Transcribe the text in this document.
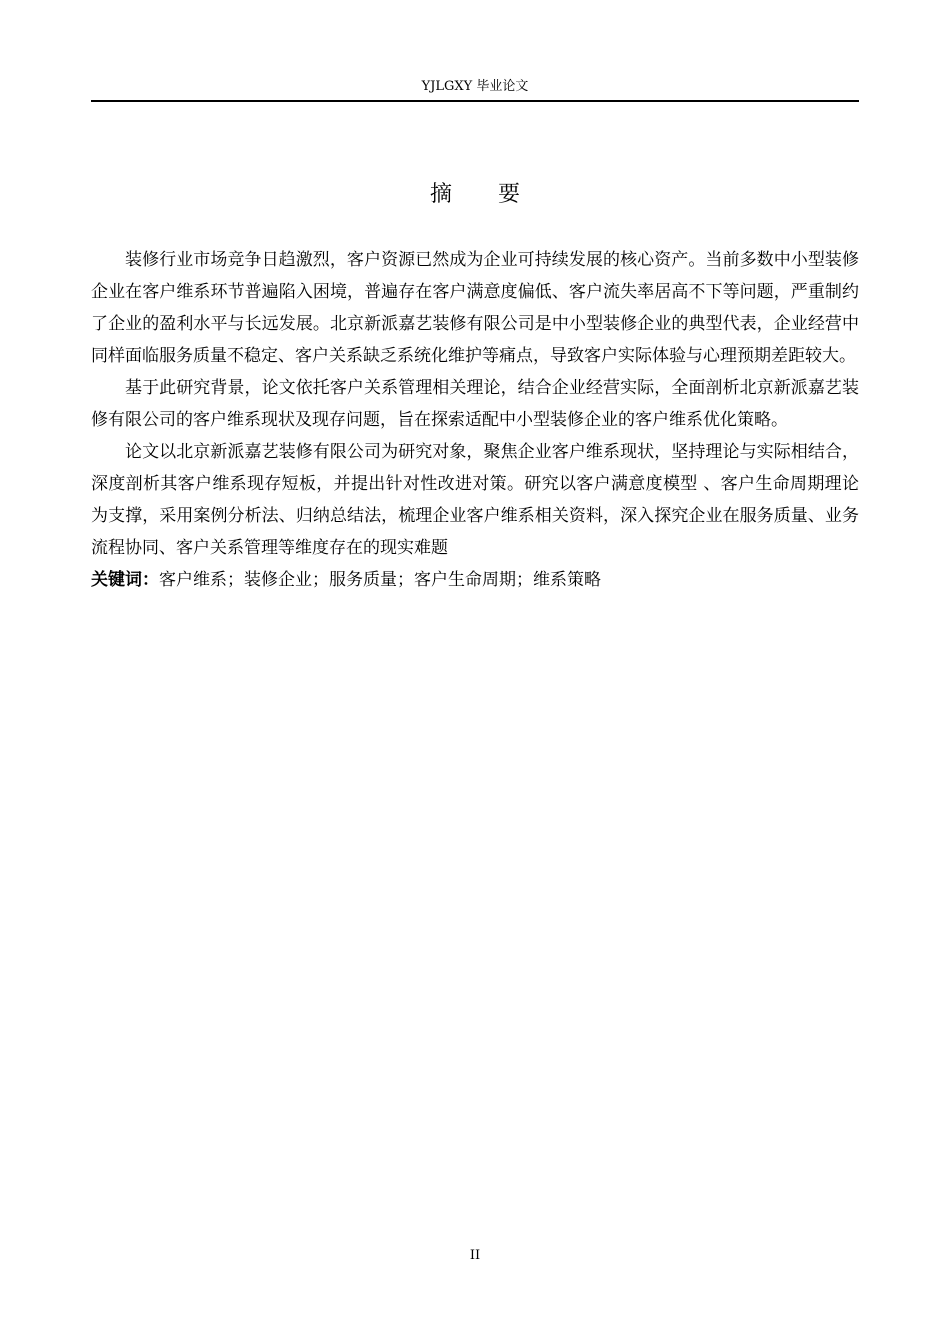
YJLGXY 毕业论文
摘要

装修行业市场竞争日趋激烈，客户资源已然成为企业可持续发展的核心资产。当前多数中小型装修企业在客户维系环节普遍陷入困境，普遍存在客户满意度偏低、客户流失率居高不下等问题，严重制约了企业的盈利水平与长远发展。北京新派嘉艺装修有限公司是中小型装修企业的典型代表，企业经营中同样面临服务质量不稳定、客户关系缺乏系统化维护等痛点，导致客户实际体验与心理预期差距较大。

基于此研究背景，论文依托客户关系管理相关理论，结合企业经营实际，全面剖析北京新派嘉艺装修有限公司的客户维系现状及现存问题，旨在探索适配中小型装修企业的客户维系优化策略。

论文以北京新派嘉艺装修有限公司为研究对象，聚焦企业客户维系现状，坚持理论与实际相结合，深度剖析其客户维系现存短板，并提出针对性改进对策。研究以客户满意度模型 、客户生命周期理论为支撑，采用案例分析法、归纳总结法，梳理企业客户维系相关资料，深入探究企业在服务质量、业务流程协同、客户关系管理等维度存在的现实难题

关键词：客户维系；装修企业；服务质量；客户生命周期；维系策略
II
